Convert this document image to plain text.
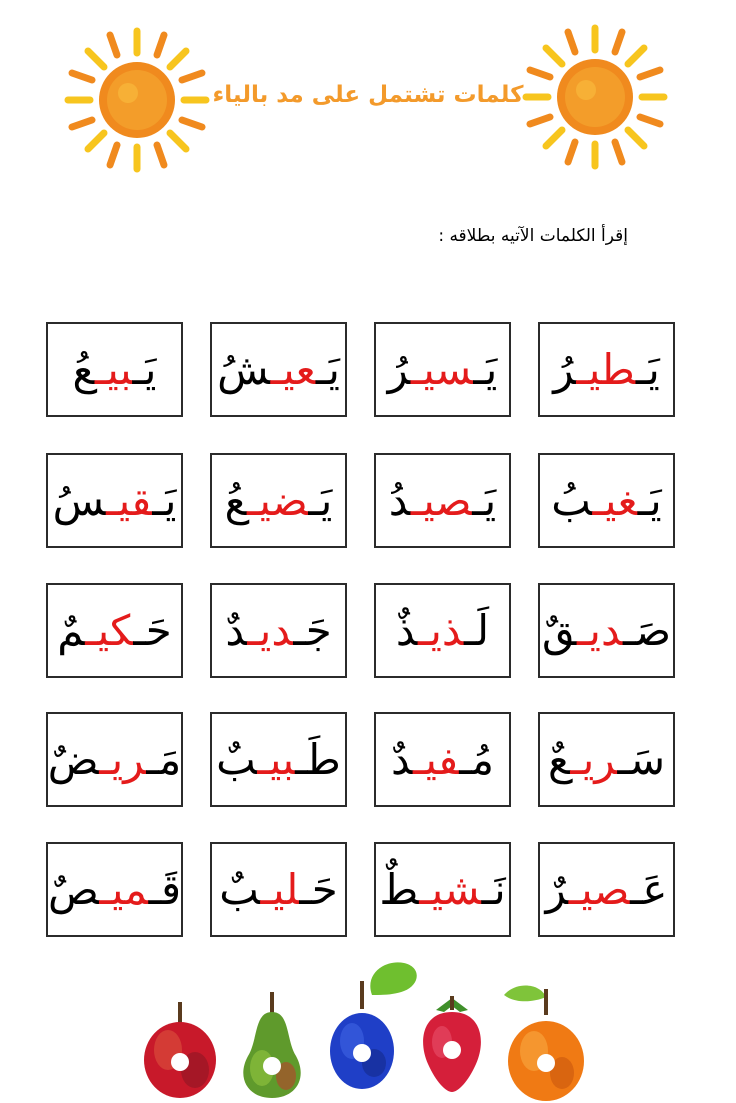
كلمات تشتمل على مد بالياء
إقرأ الكلمات الآتيه بطلاقه :
يَـطيـرُ
يَـسيـرُ
يَـعيـشُ
يَـبيـعُ
يَـغيـبُ
يَـصيـدُ
يَـضيـعُ
يَـقيـسُ
صَـديـقٌ
لَـذيـذٌ
جَـديـدٌ
حَـكيـمٌ
سَـريـعٌ
مُـفيـدٌ
طَـبيـبٌ
مَـريـضٌ
عَـصيـرٌ
نَـشيـطٌ
حَـليـبٌ
قَـميـصٌ
